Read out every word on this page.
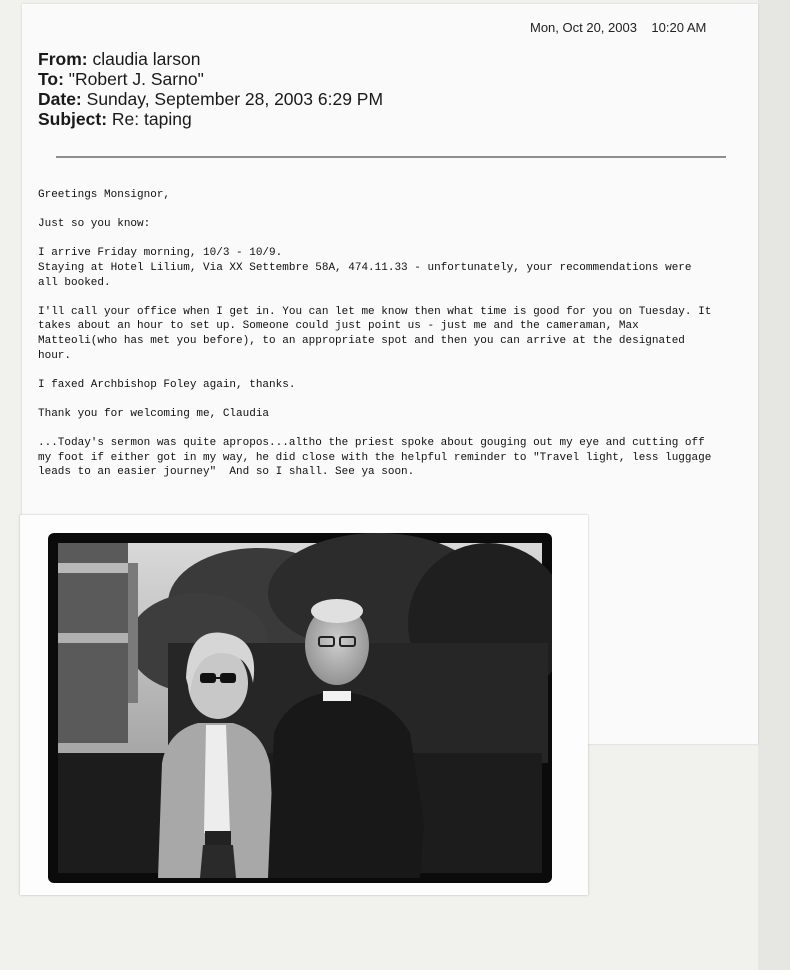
Mon, Oct 20, 2003    10:20 AM
From: claudia larson
To: "Robert J. Sarno"
Date: Sunday, September 28, 2003 6:29 PM
Subject: Re: taping

Greetings Monsignor,

Just so you know:

I arrive Friday morning, 10/3 - 10/9.
Staying at Hotel Lilium, Via XX Settembre 58A, 474.11.33 - unfortunately, your recommendations were
all booked.

I'll call your office when I get in. You can let me know then what time is good for you on Tuesday. It
takes about an hour to set up. Someone could just point us - just me and the cameraman, Max
Matteoli(who has met you before), to an appropriate spot and then you can arrive at the designated
hour.

I faxed Archbishop Foley again, thanks.

Thank you for welcoming me, Claudia

...Today's sermon was quite apropos...altho the priest spoke about gouging out my eye and cutting off
my foot if either got in my way, he did close with the helpful reminder to "Travel light, less luggage
leads to an easier journey"  And so I shall. See ya soon.
